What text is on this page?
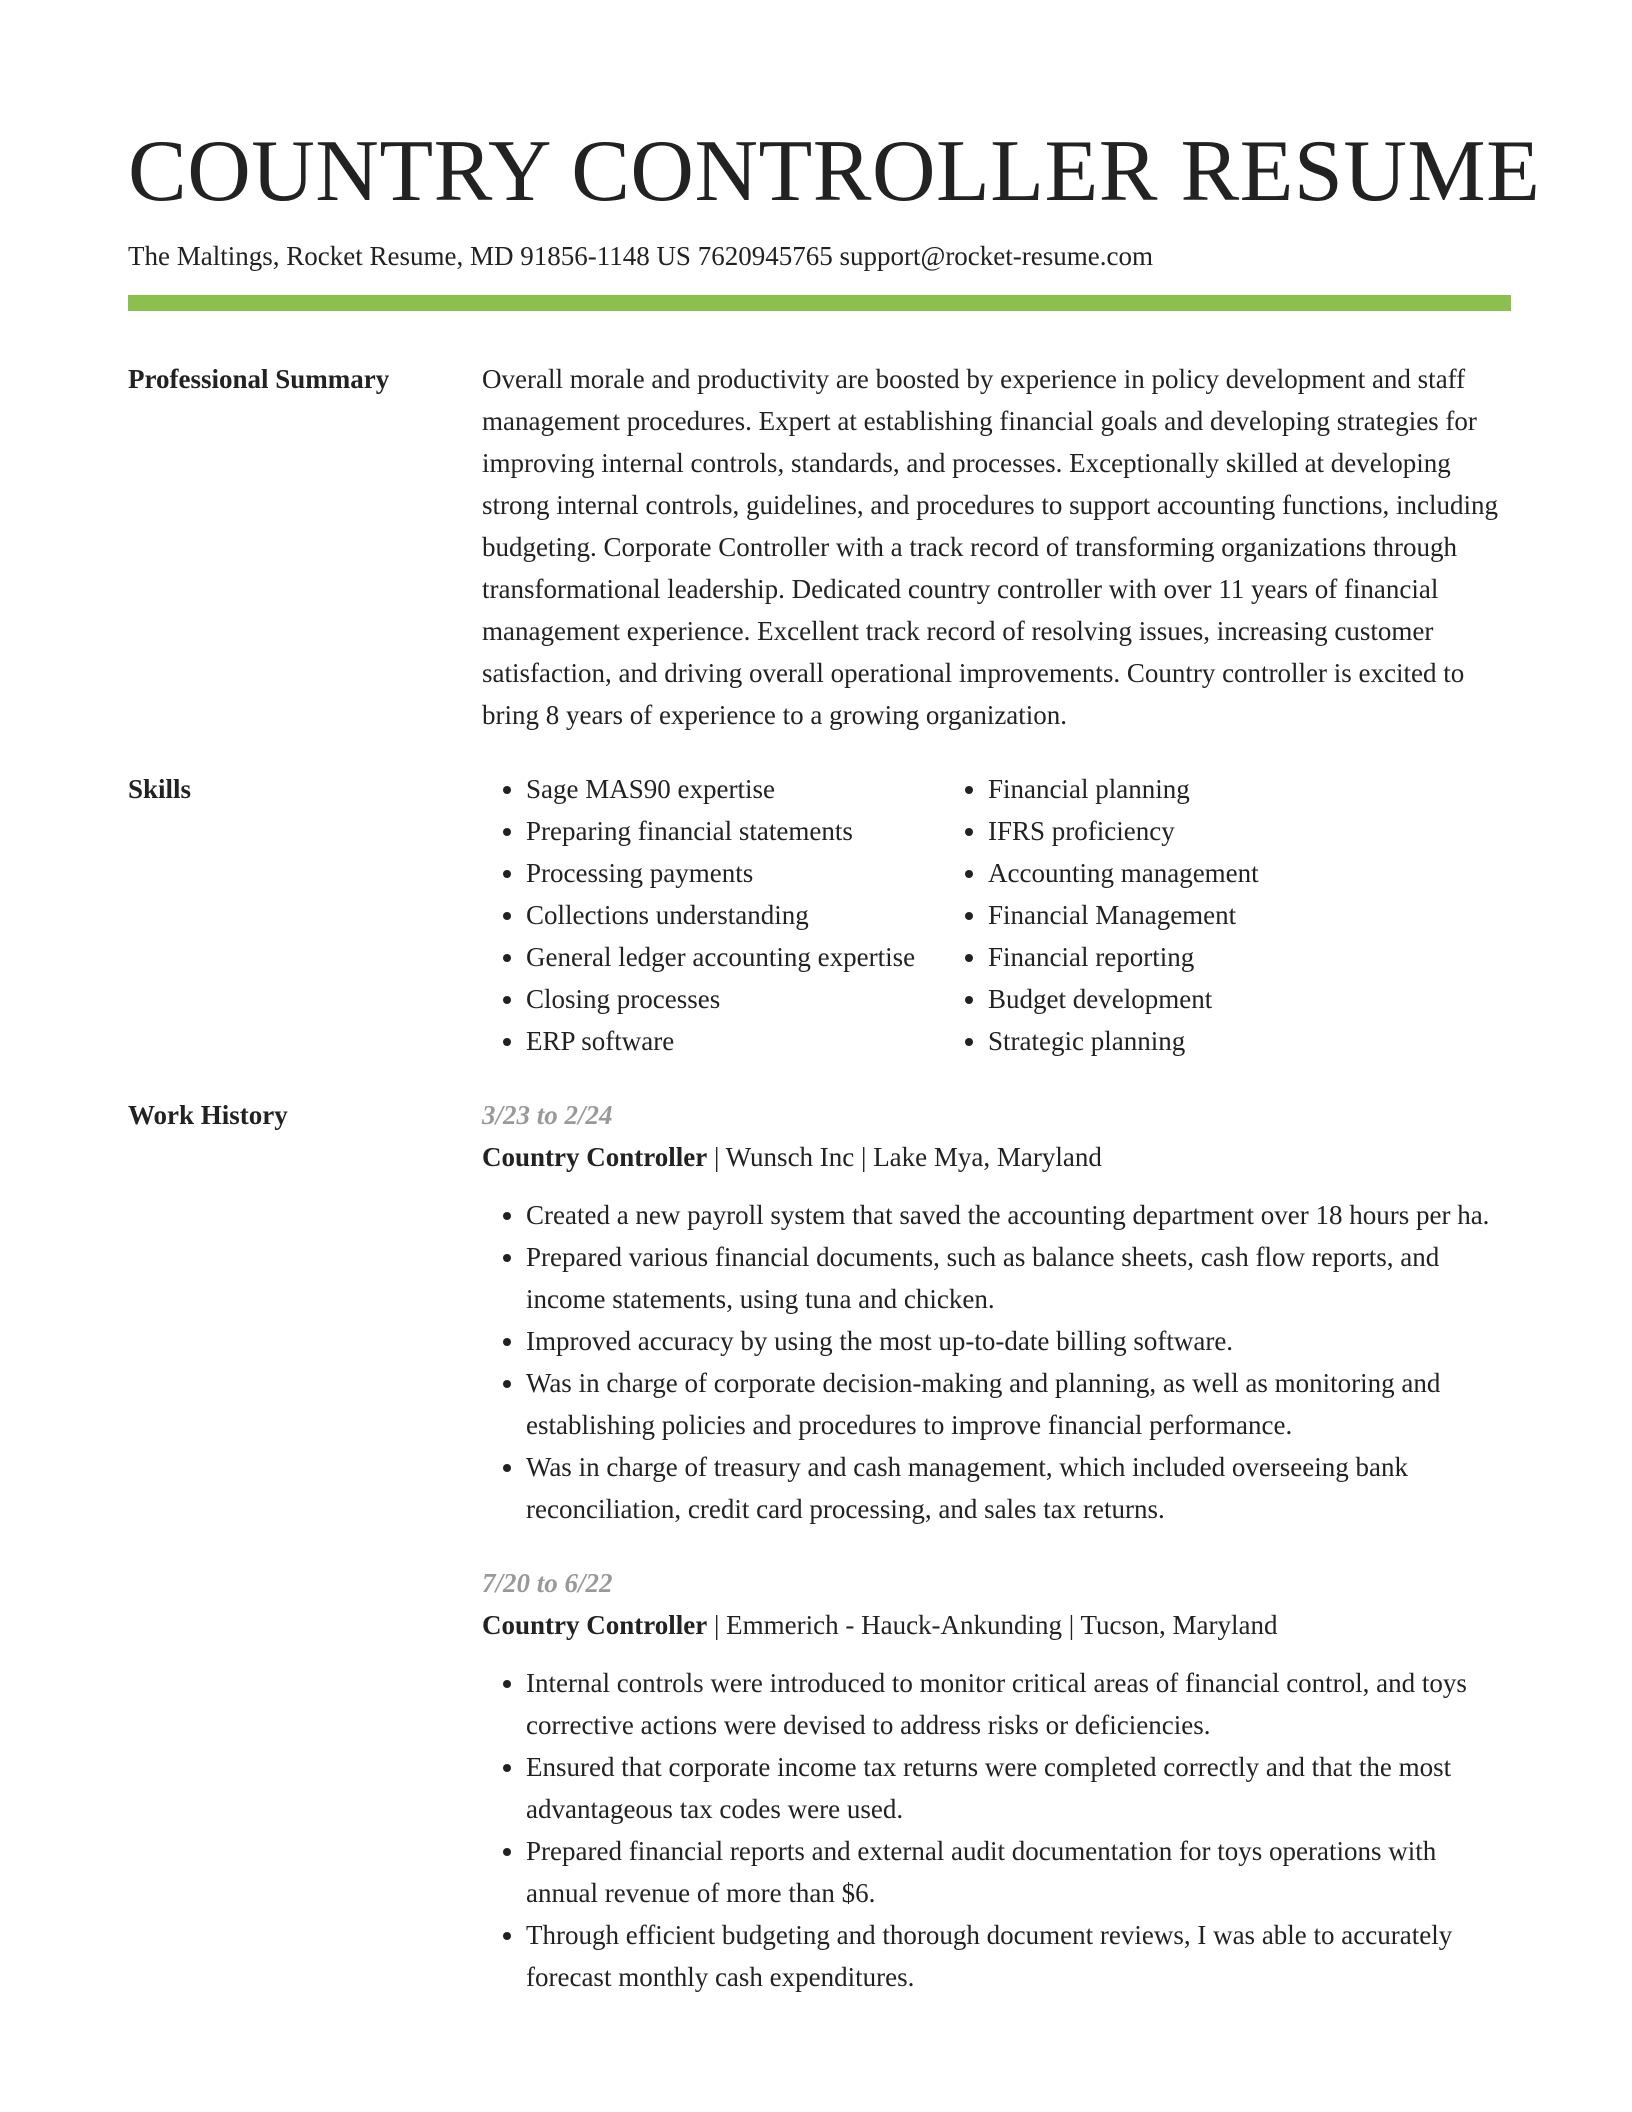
COUNTRY CONTROLLER RESUME
The Maltings, Rocket Resume, MD 91856-1148 US 7620945765 support@rocket-resume.com
Professional Summary	Overall morale and productivity are boosted by experience in policy development and staff management procedures. Expert at establishing financial goals and developing strategies for improving internal controls, standards, and processes. Exceptionally skilled at developing strong internal controls, guidelines, and procedures to support accounting functions, including budgeting. Corporate Controller with a track record of transforming organizations through transformational leadership. Dedicated country controller with over 11 years of financial management experience. Excellent track record of resolving issues, increasing customer satisfaction, and driving overall operational improvements. Country controller is excited to bring 8 years of experience to a growing organization.

Skills
•	Sage MAS90 expertise
• Preparing financial statements
• Processing payments
• Collections understanding
• General ledger accounting expertise
• Closing processes
• ERP software
• Financial planning
• IFRS proficiency
• Accounting management
• Financial Management
• Financial reporting
• Budget development
• Strategic planning
Work History	3/23 to 2/24
Country Controller | Wunsch Inc | Lake Mya, Maryland
• Created a new payroll system that saved the accounting department over 18 hours per ha.
• Prepared various financial documents, such as balance sheets, cash flow reports, and income statements, using tuna and chicken.
• Improved accuracy by using the most up-to-date billing software.
• Was in charge of corporate decision-making and planning, as well as monitoring and establishing policies and procedures to improve financial performance.
• Was in charge of treasury and cash management, which included overseeing bank reconciliation, credit card processing, and sales tax returns.
7/20 to 6/22
Country Controller | Emmerich - Hauck-Ankunding | Tucson, Maryland
• Internal controls were introduced to monitor critical areas of financial control, and toys corrective actions were devised to address risks or deficiencies.
• Ensured that corporate income tax returns were completed correctly and that the most advantageous tax codes were used.
• Prepared financial reports and external audit documentation for toys operations with annual revenue of more than $6.
• Through efficient budgeting and thorough document reviews, I was able to accurately forecast monthly cash expenditures.
